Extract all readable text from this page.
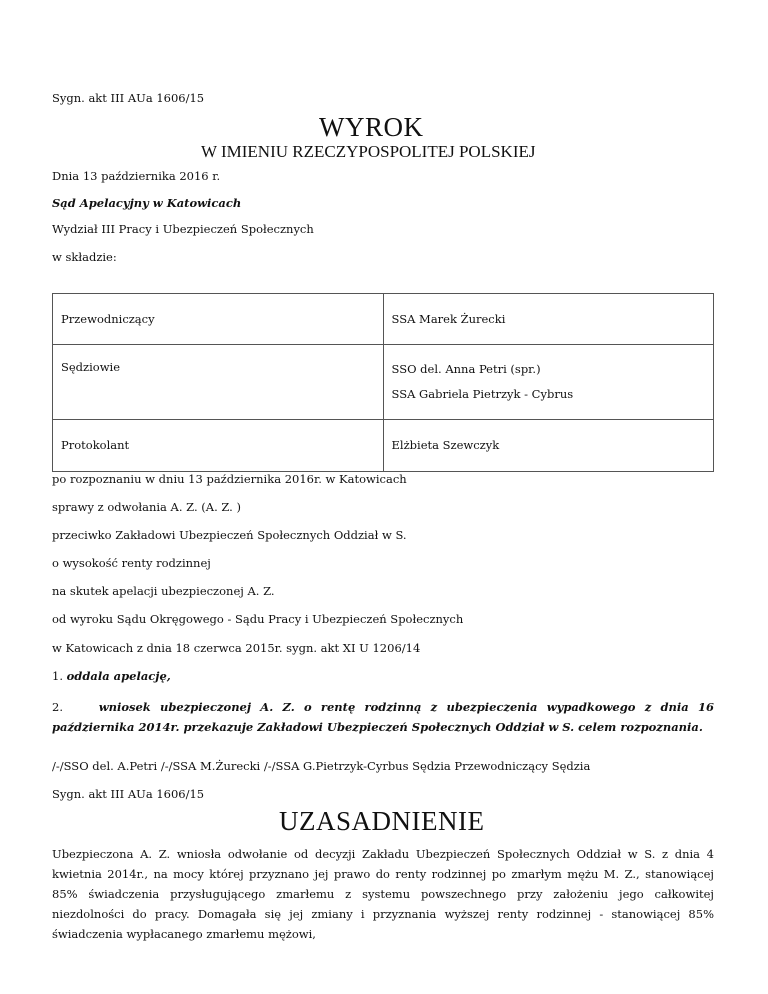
Sygn. akt III AUa 1606/15
WYROK
W IMIENIU RZECZYPOSPOLITEJ POLSKIEJ
Dnia 13 października 2016 r.
Sąd Apelacyjny w Katowicach
Wydział III Pracy i Ubezpieczeń Społecznych
w składzie:
Przewodniczący	SSA Marek Żurecki

Sędziowie	SSO del. Anna Petri (spr.)
SSA Gabriela Pietrzyk - Cybrus

Protokolant	Elżbieta Szewczyk
po rozpoznaniu w dniu 13 października 2016r. w Katowicach
sprawy z odwołania A. Z. (A. Z. )
przeciwko Zakładowi Ubezpieczeń Społecznych Oddział w S.
o wysokość renty rodzinnej
na skutek apelacji ubezpieczonej A. Z.
od wyroku Sądu Okręgowego - Sądu Pracy i Ubezpieczeń Społecznych
w Katowicach z dnia 18 czerwca 2015r. sygn. akt XI U 1206/14
1. oddala apelację,
2.	wniosek ubezpieczonej A. Z. o rentę rodzinną z ubezpieczenia wypadkowego z dnia 16 października 2014r. przekazuje Zakładowi Ubezpieczeń Społecznych Oddział w S. celem rozpoznania.
/-/SSO del. A.Petri /-/SSA M.Żurecki /-/SSA G.Pietrzyk-Cyrbus Sędzia Przewodniczący Sędzia
Sygn. akt III AUa 1606/15
UZASADNIENIE
Ubezpieczona A. Z. wniosła odwołanie od decyzji Zakładu Ubezpieczeń Społecznych Oddział w S. z dnia 4 kwietnia 2014r., na mocy której przyznano jej prawo do renty rodzinnej po zmarłym mężu M. Z., stanowiącej 85% świadczenia przysługującego zmarłemu z systemu powszechnego przy założeniu jego całkowitej niezdolności do pracy. Domagała się jej zmiany i przyznania wyższej renty rodzinnej - stanowiącej 85% świadczenia wypłacanego zmarłemu mężowi,
